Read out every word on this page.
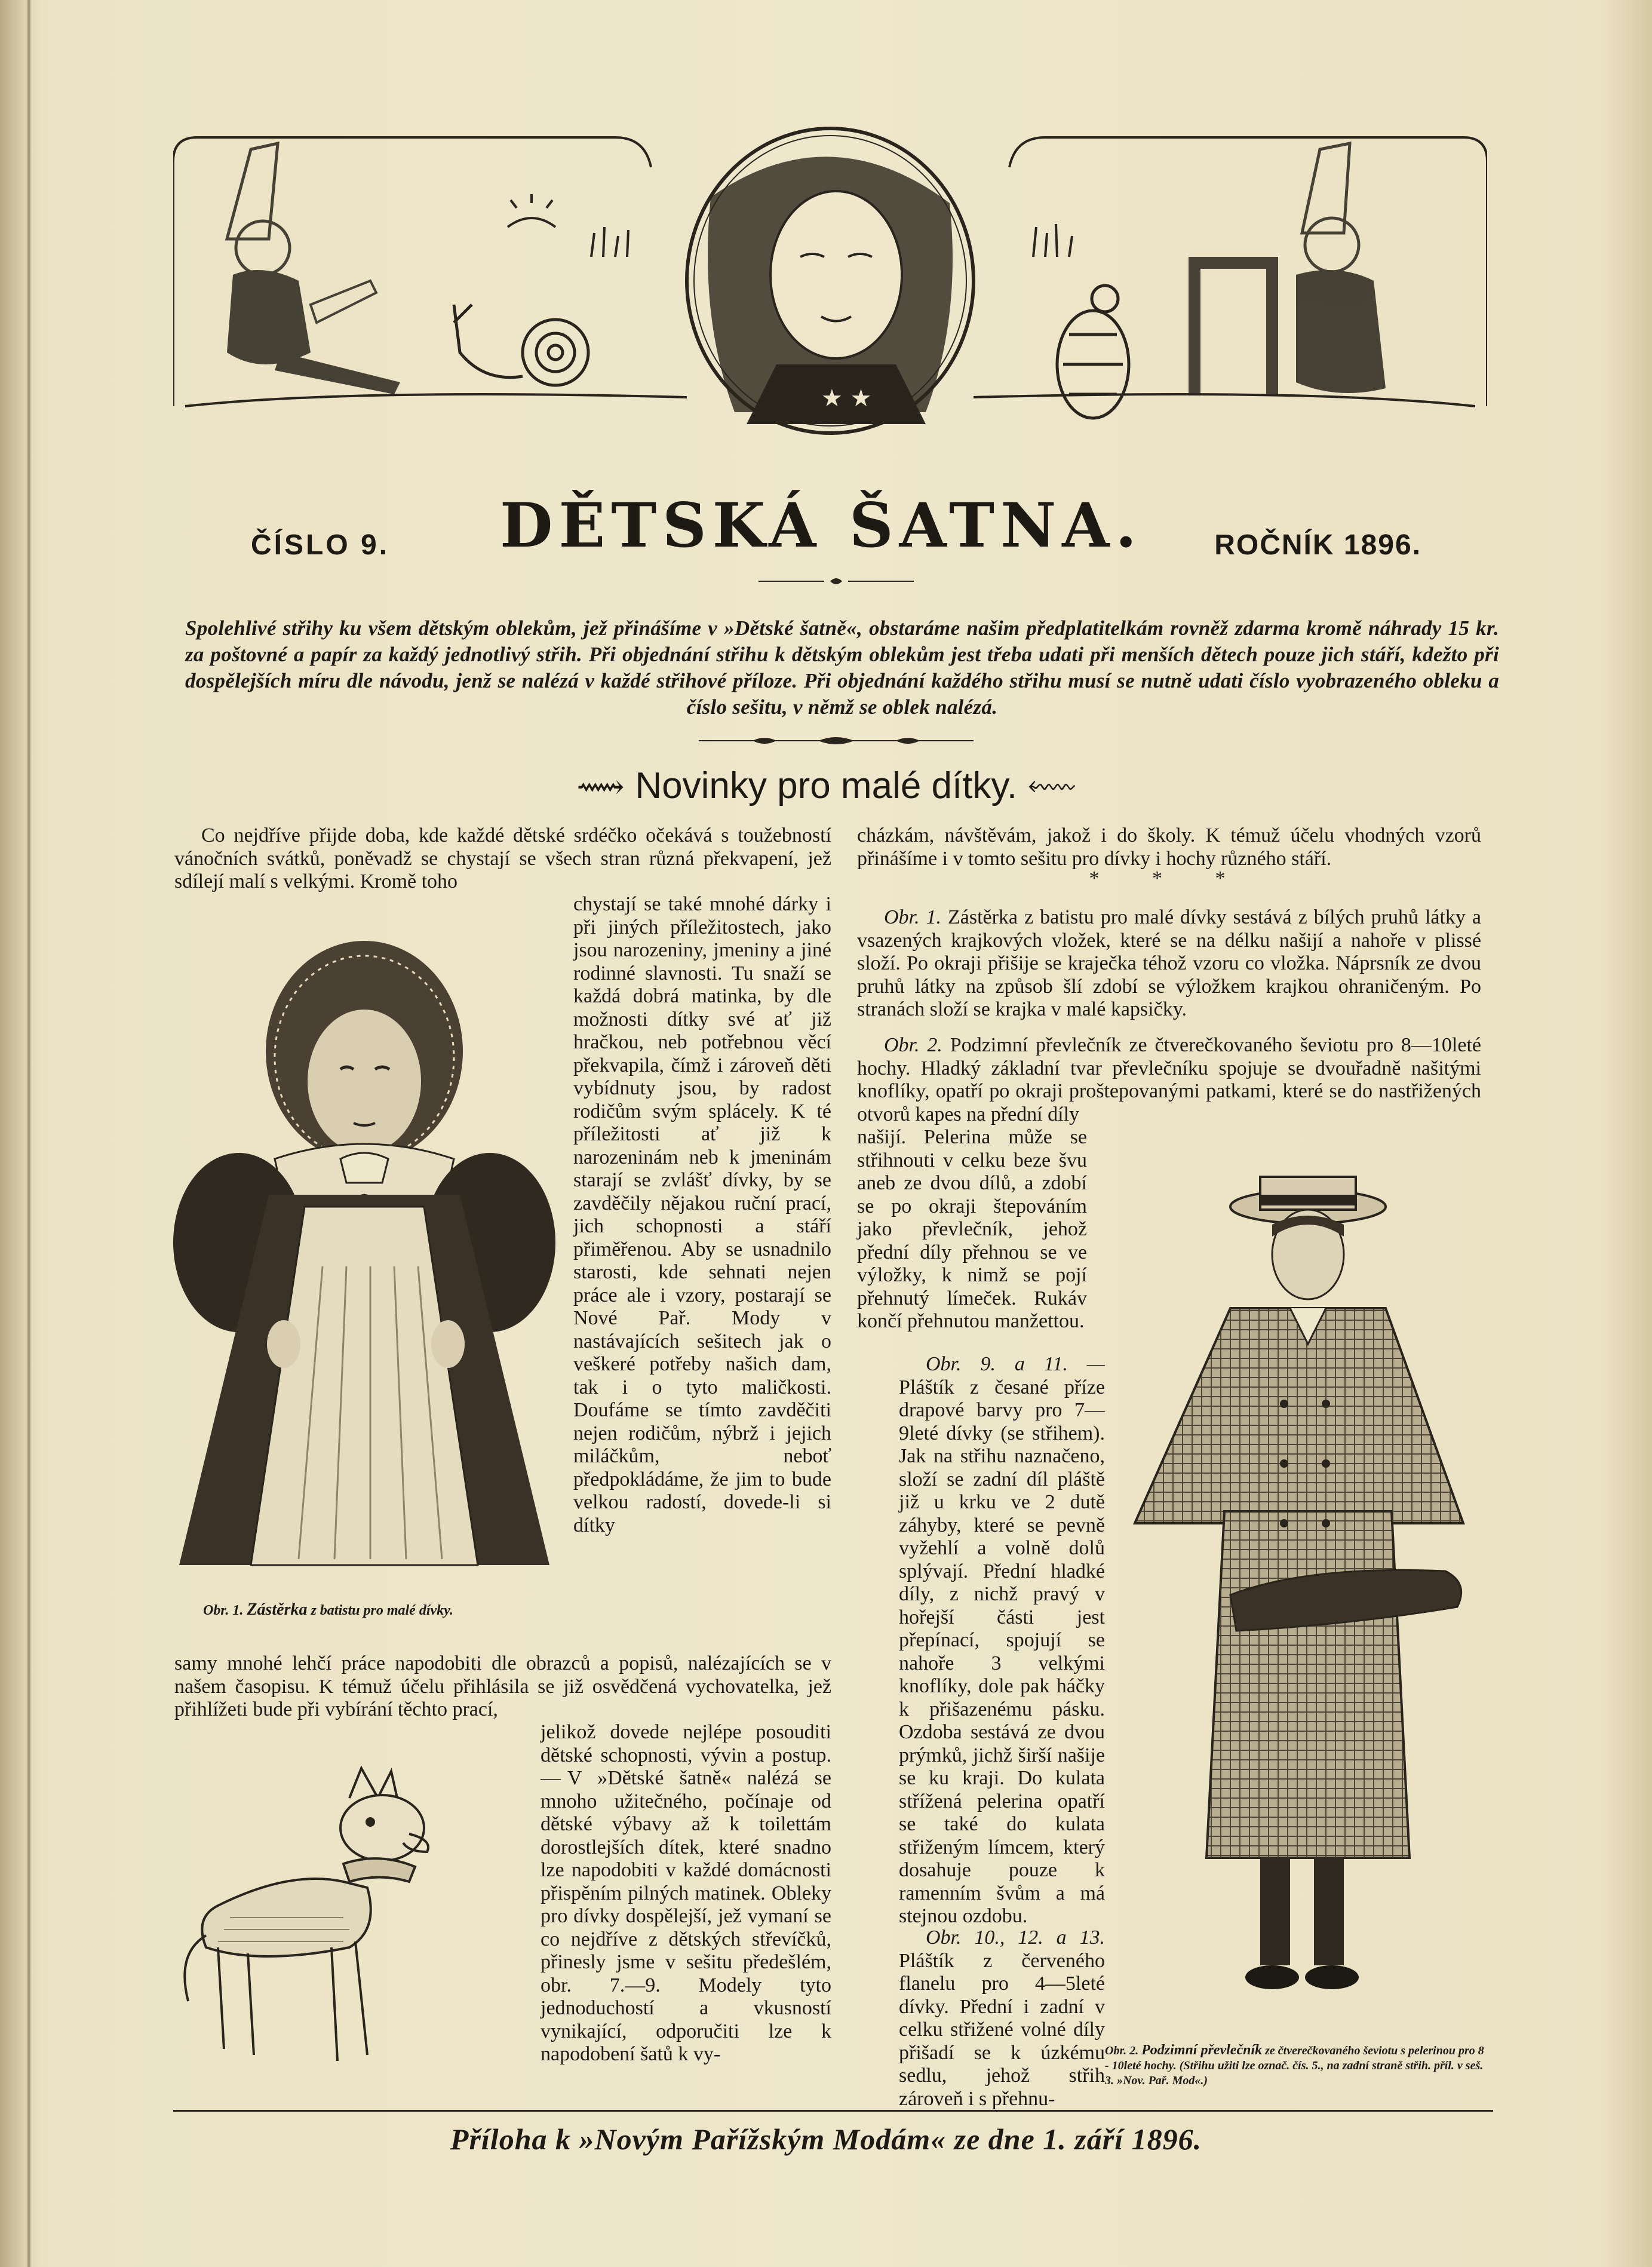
★ ★
ČÍSLO 9.	DĚTSKÁ ŠATNA.	ROČNÍK 1896.
Spolehlivé střihy ku všem dětským oblekům, jež přinášíme v »Dětské šatně«, obstaráme našim předplatitelkám rovněž zdarma kromě náhrady 15 kr. za poštovné a papír za každý jednotlivý střih. Při objednání střihu k dětským oblekům jest třeba udati při menších dětech pouze jich stáří, kdežto při dospělejších míru dle návodu, jenž se nalézá v každé střihové příloze. Při objednání každého střihu musí se nutně udati číslo vyobrazeného obleku a číslo sešitu, v němž se oblek nalézá.
⟿ Novinky pro malé dítky. ⬳
Co nejdříve přijde doba, kde každé dětské srdéčko očekává s toužebností vánočních svátků, poněvadž se chystají se všech stran různá překvapení, jež sdílejí malí s velkými. Kromě toho
chystají se také mnohé dárky i při jiných příležitostech, jako jsou narozeniny, jmeniny a jiné rodinné slavnosti. Tu snaží se každá dobrá matinka, by dle možnosti dítky své ať již hračkou, neb potřebnou věcí překvapila, čímž i zároveň děti vybídnuty jsou, by radost rodičům svým splácely. K té příležitosti ať již k narozeninám neb k jmeninám starají se zvlášť dívky, by se zavděčily nějakou ruční prací, jich schopnosti a stáří přiměřenou. Aby se usnadnilo starosti, kde sehnati nejen práce ale i vzory, postarají se Nové Pař. Mody v nastávajících sešitech jak o veškeré potřeby našich dam, tak i o tyto maličkosti. Doufáme se tímto zavděčiti nejen rodičům, nýbrž i jejich miláčkům, neboť předpokládáme, že jim to bude velkou radostí, dovede-li si dítky
Obr. 1. Zástěrka z batistu pro malé dívky.
samy mnohé lehčí práce napodobiti dle obrazců a popisů, nalézajících se v našem časopisu. K témuž účelu přihlásila se již osvědčená vychovatelka, jež přihlížeti bude při vybírání těchto prací,
jelikož dovede nejlépe posouditi dětské schopnosti, vývin a postup. — V »Dětské šatně« nalézá se mnoho užitečného, počínaje od dětské výbavy až k toilettám dorostlejších dítek, které snadno lze napodobiti v každé domácnosti přispěním pilných matinek. Obleky pro dívky dospělejší, jež vymaní se co nejdříve z dětských střevíčků, přinesly jsme v sešitu předešlém, obr. 7.—9. Modely tyto jednoduchostí a vkusností vynikající, odporučiti lze k napodobení šatů k vy-
cházkám, návštěvám, jakož i do školy. K témuž účelu vhodných vzorů přinášíme i v tomto sešitu pro dívky i hochy různého stáří.
* * *
Obr. 1. Zástěrka z batistu pro malé dívky sestává z bílých pruhů látky a vsazených krajkových vložek, které se na délku našijí a nahoře v plissé složí. Po okraji přišije se kraječka téhož vzoru co vložka. Náprsník ze dvou pruhů látky na způsob šlí zdobí se výložkem krajkou ohraničeným. Po stranách složí se krajka v malé kapsičky.
Obr. 2. Podzimní převlečník ze čtverečkovaného ševiotu pro 8—10leté hochy. Hladký základní tvar převlečníku spojuje se dvouřadně našitými knoflíky, opatří po okraji proštepovanými patkami, které se do nastřižených otvorů kapes na přední díly
našijí. Pelerina může se střihnouti v celku beze švu aneb ze dvou dílů, a zdobí se po okraji štepováním jako převlečník, jehož přední díly přehnou se ve výložky, k nimž se pojí přehnutý límeček. Rukáv končí přehnutou manžettou.
Obr. 9. a 11. — Pláštík z česané příze drapové barvy pro 7—9leté dívky (se střihem). Jak na střihu naznačeno, složí se zadní díl pláště již u krku ve 2 dutě záhyby, které se pevně vyžehlí a volně dolů splývají. Přední hladké díly, z nichž pravý v hořejší části jest přepínací, spojují se nahoře 3 velkými knoflíky, dole pak háčky k přišazenému pásku. Ozdoba sestává ze dvou prýmků, jichž širší našije se ku kraji. Do kulata střížená pelerina opatří se také do kulata střiženým límcem, který dosahuje pouze k ramenním švům a má stejnou ozdobu.
Obr. 10., 12. a 13. Pláštík z červeného flanelu pro 4—5leté dívky. Přední i zadní v celku střižené volné díly přišadí se k úzkému sedlu, jehož střih zároveň i s přehnu-
Obr. 2. Podzimní převlečník ze čtverečkovaného ševiotu s pelerinou pro 8 - 10leté hochy. (Střihu užiti lze označ. čís. 5., na zadní straně střih. příl. v seš. 3. »Nov. Pař. Mod«.)
Příloha k »Novým Pařížským Modám« ze dne 1. září 1896.
